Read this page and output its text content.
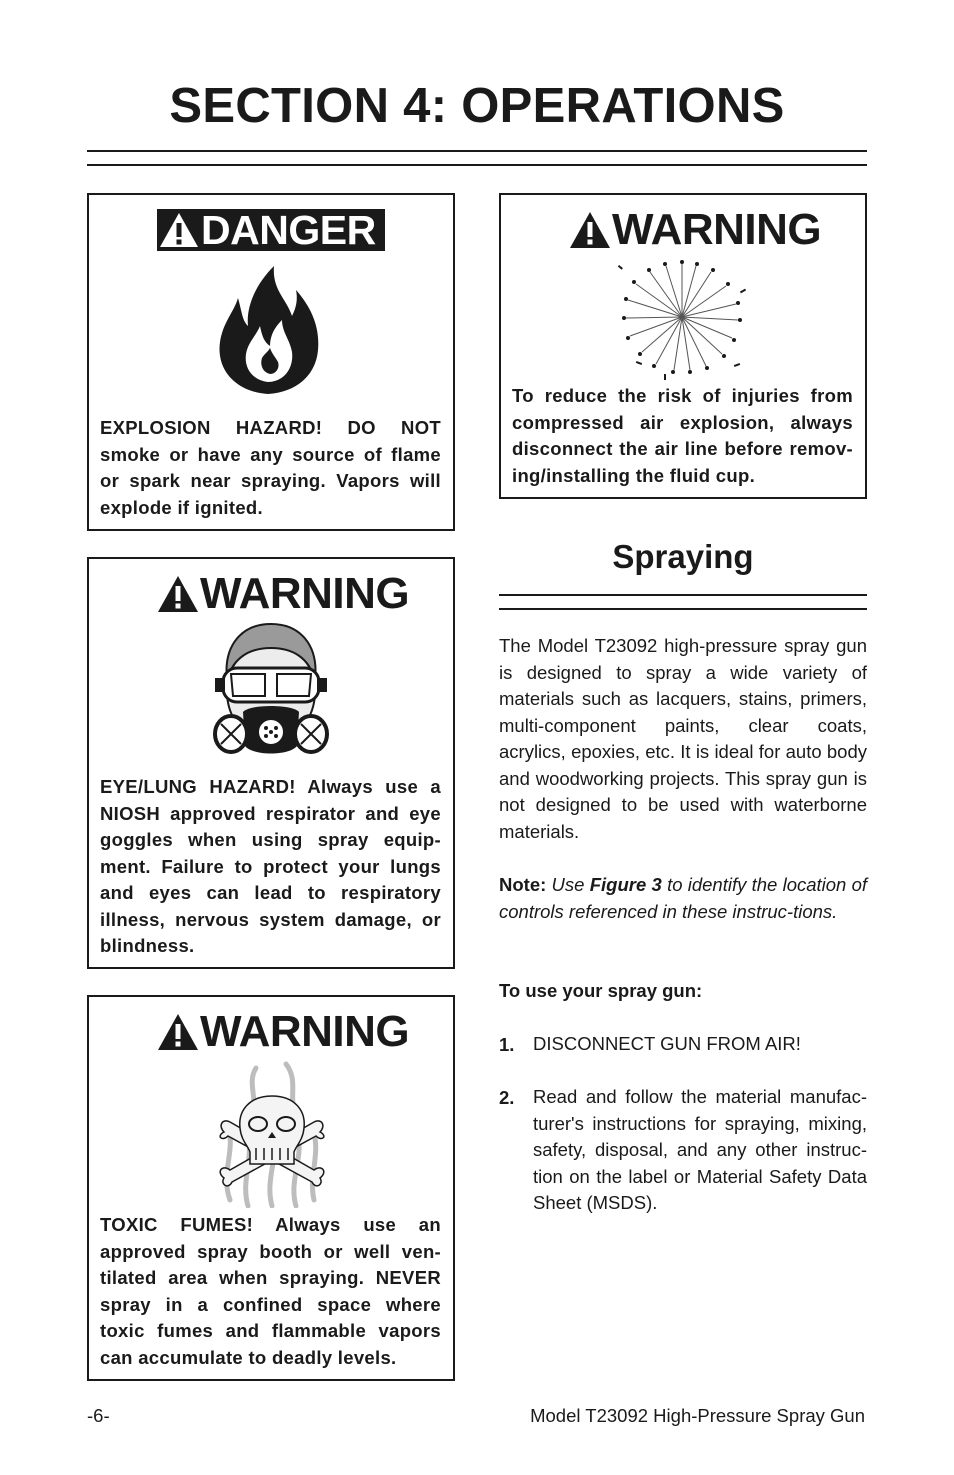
SECTION 4: OPERATIONS
DANGER

EXPLOSION HAZARD! DO NOT smoke or have any source of flame or spark near spraying. Vapors will explode if ignited.

WARNING

EYE/LUNG HAZARD! Always use a NIOSH approved respirator and eye goggles when using spray equip-ment. Failure to protect your lungs and eyes can lead to respiratory illness, nervous system damage, or blindness.

WARNING

TOXIC FUMES! Always use an approved spray booth or well ven-tilated area when spraying. NEVER spray in a confined space where toxic fumes and flammable vapors can accumulate to deadly levels.

WARNING

To reduce the risk of injuries from compressed air explosion, always disconnect the air line before remov-ing/installing the fluid cup.

Spraying

The Model T23092 high-pressure spray gun is designed to spray a wide variety of materials such as lacquers, stains, primers, multi-component paints, clear coats, acrylics, epoxies, etc. It is ideal for auto body and woodworking projects. This spray gun is not designed to be used with waterborne materials.

Note: Use Figure 3 to identify the location of controls referenced in these instruc-tions.

To use your spray gun:

1. DISCONNECT GUN FROM AIR!

2. Read and follow the material manufac-turer's instructions for spraying, mixing, safety, disposal, and any other instruc-tion on the label or Material Safety Data Sheet (MSDS).

-6-	Model T23092 High-Pressure Spray Gun
